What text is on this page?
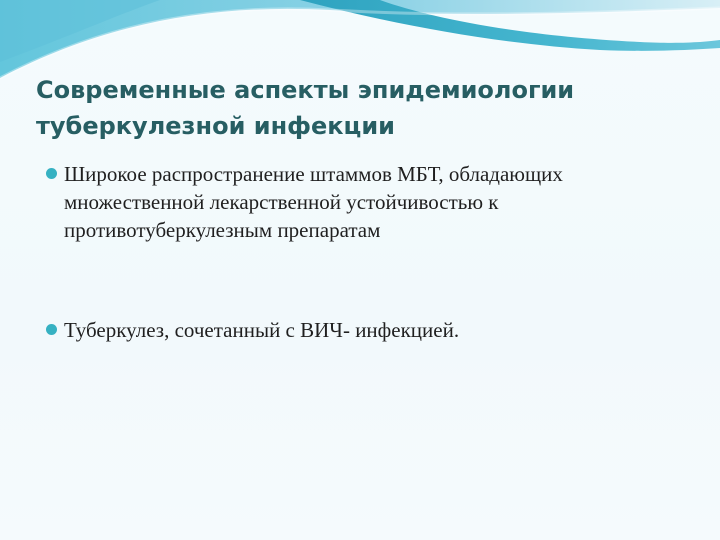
Современные аспекты эпидемиологии туберкулезной инфекции
Широкое распространение штаммов МБТ, обладающих множественной лекарственной устойчивостью к противотуберкулезным препаратам
Туберкулез, сочетанный с ВИЧ- инфекцией.
